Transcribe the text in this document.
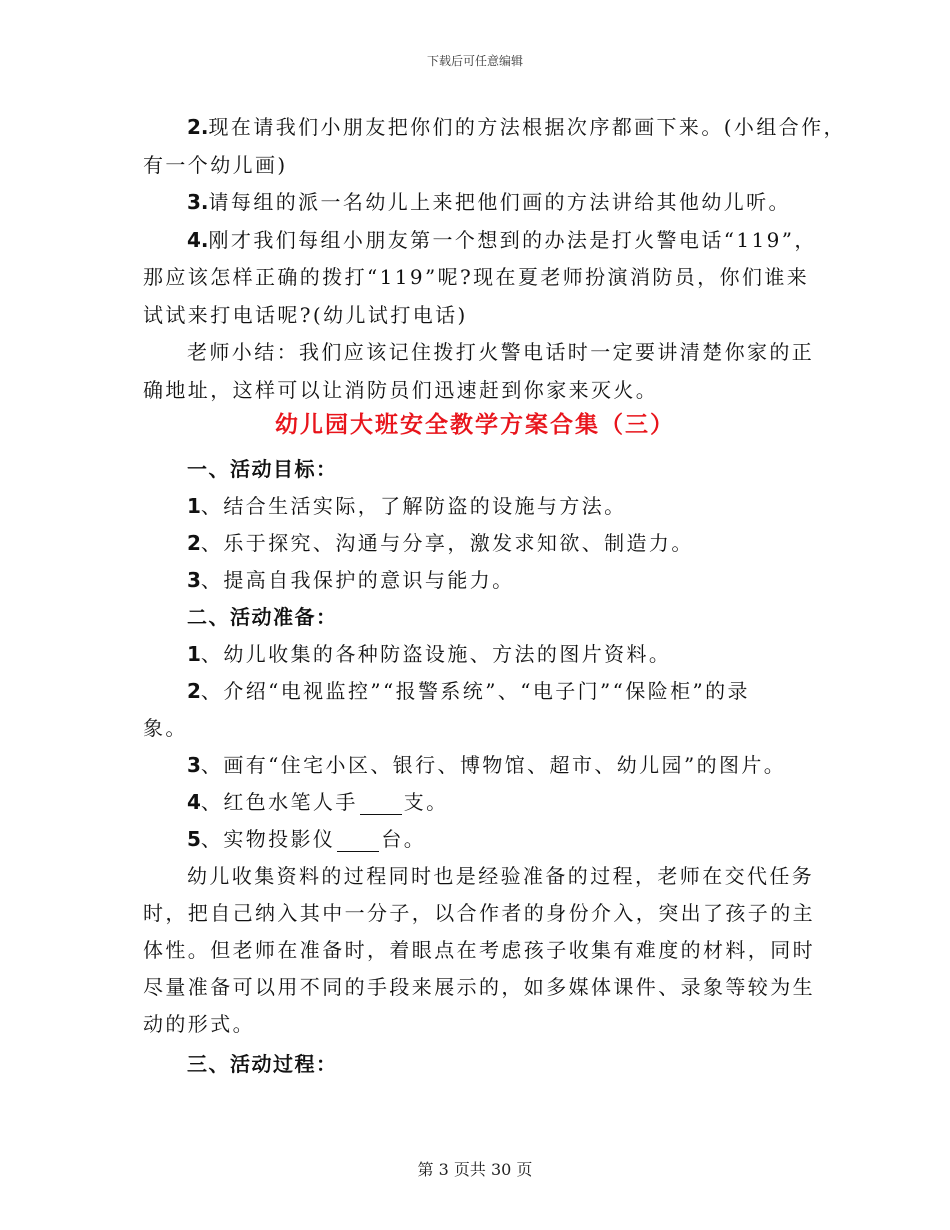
下载后可任意编辑
2.现在请我们小朋友把你们的方法根据次序都画下来。(小组合作，
有一个幼儿画)
3.请每组的派一名幼儿上来把他们画的方法讲给其他幼儿听。
4.刚才我们每组小朋友第一个想到的办法是打火警电话“119”，
那应该怎样正确的拨打“119”呢?现在夏老师扮演消防员，你们谁来
试试来打电话呢?(幼儿试打电话)
老师小结：我们应该记住拨打火警电话时一定要讲清楚你家的正
确地址，这样可以让消防员们迅速赶到你家来灭火。
幼儿园大班安全教学方案合集（三）
一、活动目标：
1、结合生活实际，了解防盗的设施与方法。
2、乐于探究、沟通与分享，激发求知欲、制造力。
3、提高自我保护的意识与能力。
二、活动准备：
1、幼儿收集的各种防盗设施、方法的图片资料。
2、介绍“电视监控”“报警系统”、“电子门”“保险柜”的录
象。
3、画有“住宅小区、银行、博物馆、超市、幼儿园”的图片。
4、红色水笔人手 支。
5、实物投影仪 台。
幼儿收集资料的过程同时也是经验准备的过程，老师在交代任务
时，把自己纳入其中一分子，以合作者的身份介入，突出了孩子的主
体性。但老师在准备时，着眼点在考虑孩子收集有难度的材料，同时
尽量准备可以用不同的手段来展示的，如多媒体课件、录象等较为生
动的形式。
三、活动过程：
第 3 页共 30 页
